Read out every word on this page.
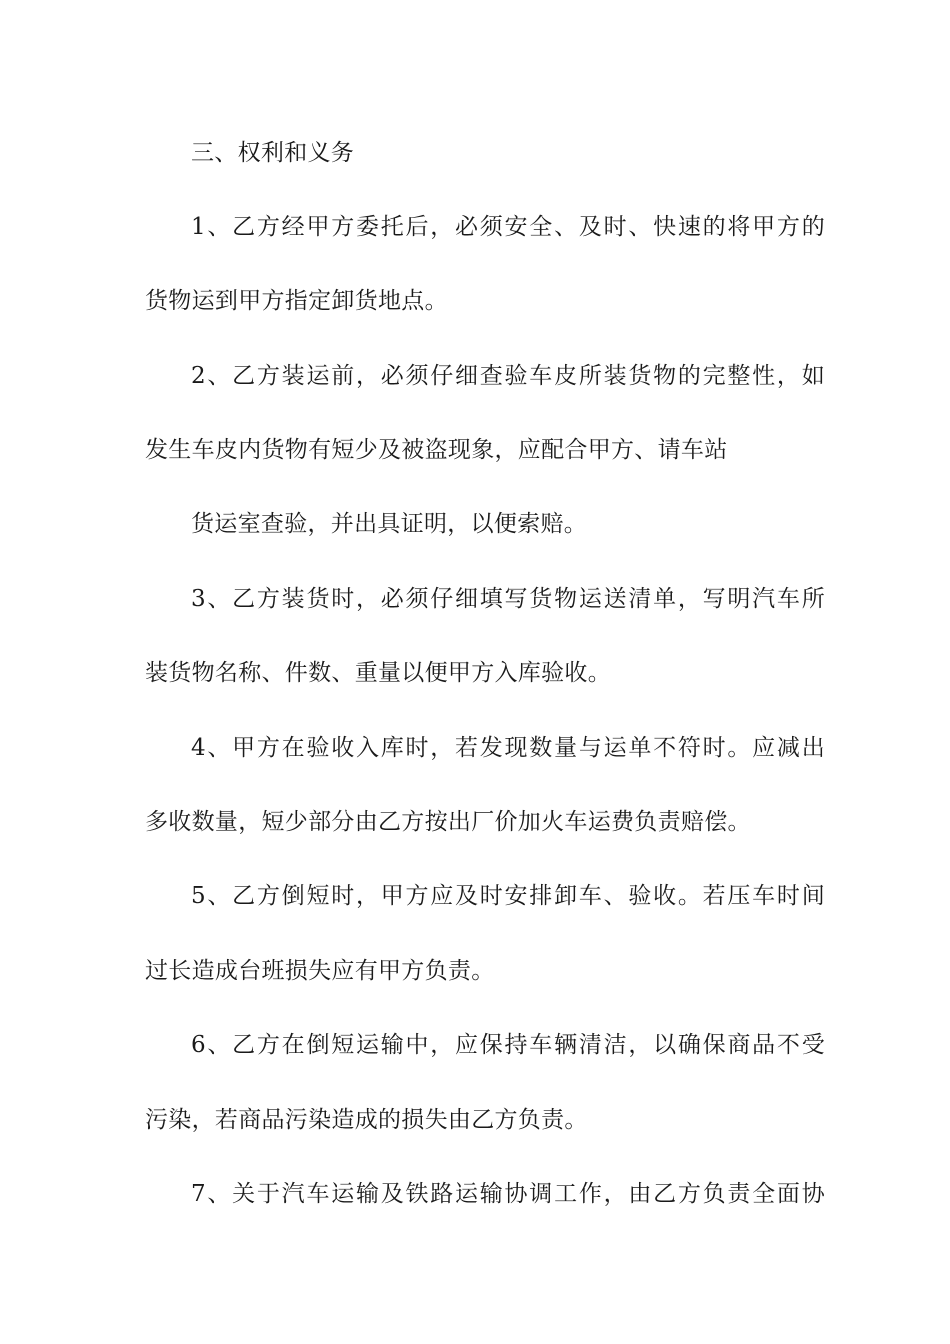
三、权利和义务
1、乙方经甲方委托后，必须安全、及时、快速的将甲方的
货物运到甲方指定卸货地点。
2、乙方装运前，必须仔细查验车皮所装货物的完整性，如
发生车皮内货物有短少及被盗现象，应配合甲方、请车站
货运室查验，并出具证明，以便索赔。
3、乙方装货时，必须仔细填写货物运送清单，写明汽车所
装货物名称、件数、重量以便甲方入库验收。
4、甲方在验收入库时，若发现数量与运单不符时。应减出
多收数量，短少部分由乙方按出厂价加火车运费负责赔偿。
5、乙方倒短时，甲方应及时安排卸车、验收。若压车时间
过长造成台班损失应有甲方负责。
6、乙方在倒短运输中，应保持车辆清洁，以确保商品不受
污染，若商品污染造成的损失由乙方负责。
7、关于汽车运输及铁路运输协调工作，由乙方负责全面协
